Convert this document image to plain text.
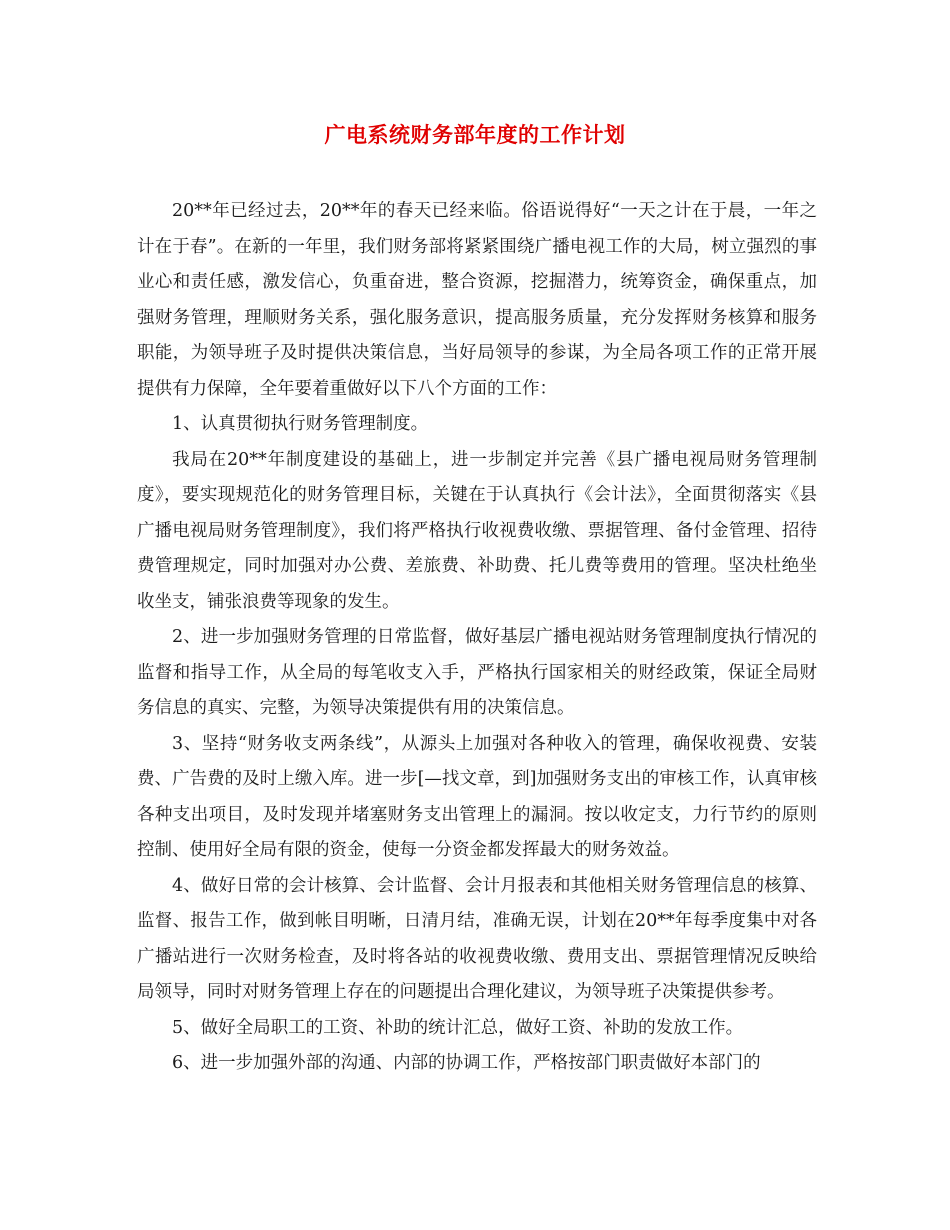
广电系统财务部年度的工作计划

20**年已经过去，20**年的春天已经来临。俗语说得好“一天之计在于晨，一年之计在于春”。在新的一年里，我们财务部将紧紧围绕广播电视工作的大局，树立强烈的事业心和责任感，激发信心，负重奋进，整合资源，挖掘潜力，统筹资金，确保重点，加强财务管理，理顺财务关系，强化服务意识，提高服务质量，充分发挥财务核算和服务职能，为领导班子及时提供决策信息，当好局领导的参谋，为全局各项工作的正常开展提供有力保障，全年要着重做好以下八个方面的工作：

1、认真贯彻执行财务管理制度。

我局在20**年制度建设的基础上，进一步制定并完善《县广播电视局财务管理制度》，要实现规范化的财务管理目标，关键在于认真执行《会计法》，全面贯彻落实《县广播电视局财务管理制度》，我们将严格执行收视费收缴、票据管理、备付金管理、招待费管理规定，同时加强对办公费、差旅费、补助费、托儿费等费用的管理。坚决杜绝坐收坐支，铺张浪费等现象的发生。

2、进一步加强财务管理的日常监督，做好基层广播电视站财务管理制度执行情况的监督和指导工作，从全局的每笔收支入手，严格执行国家相关的财经政策，保证全局财务信息的真实、完整，为领导决策提供有用的决策信息。

3、坚持“财务收支两条线”，从源头上加强对各种收入的管理，确保收视费、安装费、广告费的及时上缴入库。进一步[—找文章，到]加强财务支出的审核工作，认真审核各种支出项目，及时发现并堵塞财务支出管理上的漏洞。按以收定支，力行节约的原则控制、使用好全局有限的资金，使每一分资金都发挥最大的财务效益。

4、做好日常的会计核算、会计监督、会计月报表和其他相关财务管理信息的核算、监督、报告工作，做到帐目明晰，日清月结，准确无误，计划在20**年每季度集中对各广播站进行一次财务检查，及时将各站的收视费收缴、费用支出、票据管理情况反映给局领导，同时对财务管理上存在的问题提出合理化建议，为领导班子决策提供参考。

5、做好全局职工的工资、补助的统计汇总，做好工资、补助的发放工作。

6、进一步加强外部的沟通、内部的协调工作，严格按部门职责做好本部门的
